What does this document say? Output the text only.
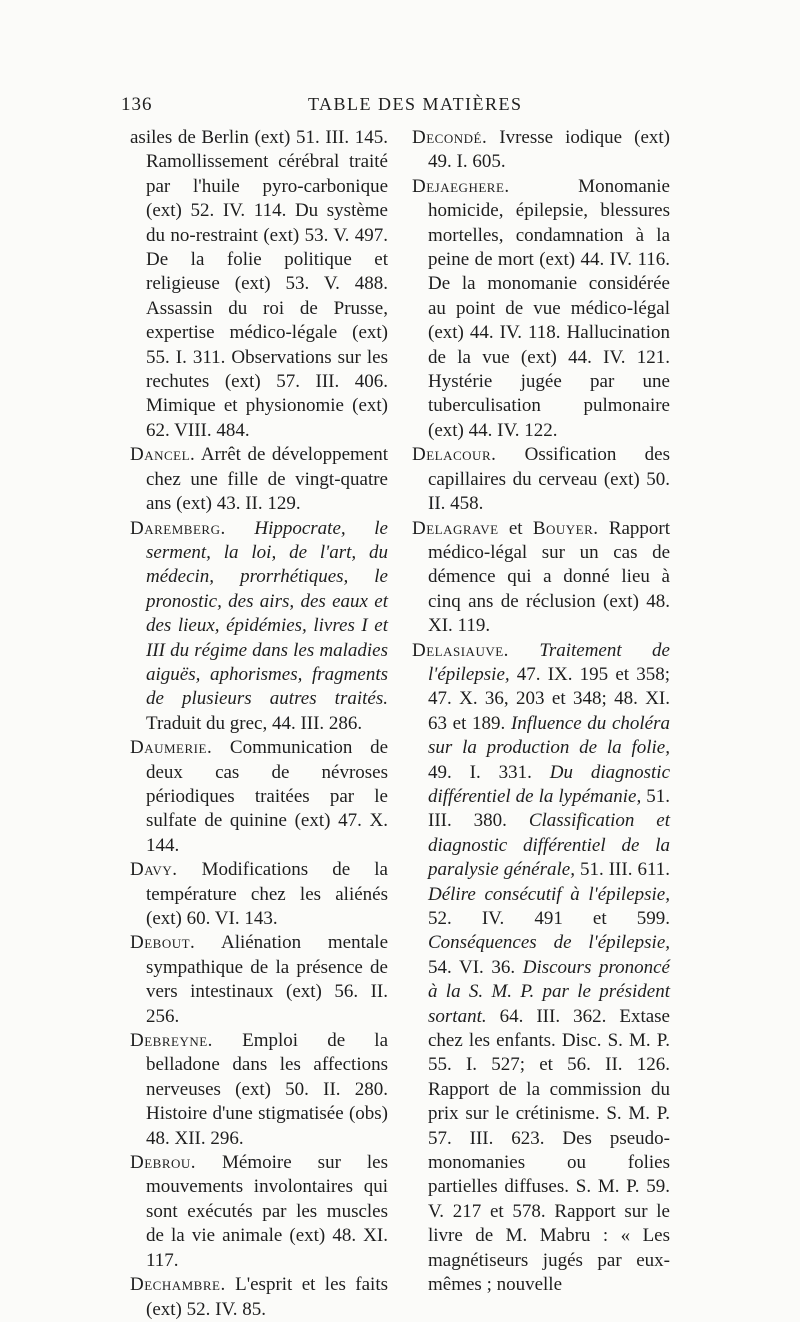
136	TABLE DES MATIÈRES

asiles de Berlin (ext) 51. III. 145. Ramollissement cérébral traité par l'huile pyro-carbonique (ext) 52. IV. 114. Du système du no-restraint (ext) 53. V. 497. De la folie politique et religieuse (ext) 53. V. 488. Assassin du roi de Prusse, expertise médico-légale (ext) 55. I. 311. Observations sur les rechutes (ext) 57. III. 406. Mimique et physionomie (ext) 62. VIII. 484.

Dancel. Arrêt de développement chez une fille de vingt-quatre ans (ext) 43. II. 129.

Daremberg. Hippocrate, le serment, la loi, de l'art, du médecin, prorrhétiques, le pronostic, des airs, des eaux et des lieux, épidémies, livres I et III du régime dans les maladies aiguës, aphorismes, fragments de plusieurs autres traités. Traduit du grec, 44. III. 286.

Daumerie. Communication de deux cas de névroses périodiques traitées par le sulfate de quinine (ext) 47. X. 144.

Davy. Modifications de la température chez les aliénés (ext) 60. VI. 143.

Debout. Aliénation mentale sympathique de la présence de vers intestinaux (ext) 56. II. 256.

Debreyne. Emploi de la belladone dans les affections nerveuses (ext) 50. II. 280. Histoire d'une stigmatisée (obs) 48. XII. 296.

Debrou. Mémoire sur les mouvements involontaires qui sont exécutés par les muscles de la vie animale (ext) 48. XI. 117.

Dechambre. L'esprit et les faits (ext) 52. IV. 85.

Decondé. Ivresse iodique (ext) 49. I. 605.

Dejaeghere.	Monomanie homicide, épilepsie, blessures mortelles, condamnation à la peine de mort (ext) 44. IV. 116. De la monomanie considérée au point de vue médico-légal (ext) 44. IV. 118. Hallucination de la vue (ext) 44. IV. 121. Hystérie jugée par une tuberculisation pulmonaire (ext) 44. IV. 122.

Delacour. Ossification des capillaires du cerveau (ext) 50. II. 458.

Delagrave et Bouyer. Rapport médico-légal sur un cas de démence qui a donné lieu à cinq ans de réclusion (ext) 48. XI. 119.

Delasiauve. Traitement de l'épilepsie, 47. IX. 195 et 358; 47. X. 36, 203 et 348; 48. XI. 63 et 189. Influence du choléra sur la production de la folie, 49. I. 331. Du diagnostic différentiel de la lypémanie, 51. III. 380. Classification et diagnostic différentiel de la paralysie générale, 51. III. 611. Délire consécutif à l'épilepsie, 52. IV. 491 et 599. Conséquences de l'épilepsie, 54. VI. 36. Discours prononcé à la S. M. P. par le président sortant. 64. III. 362. Extase chez les enfants. Disc. S. M. P. 55. I. 527; et 56. II. 126. Rapport de la commission du prix sur le crétinisme. S. M. P. 57. III. 623. Des pseudo-monomanies ou folies partielles diffuses. S. M. P. 59. V. 217 et 578. Rapport sur le livre de M. Mabru : « Les magnétiseurs jugés par eux-mêmes ; nouvelle
